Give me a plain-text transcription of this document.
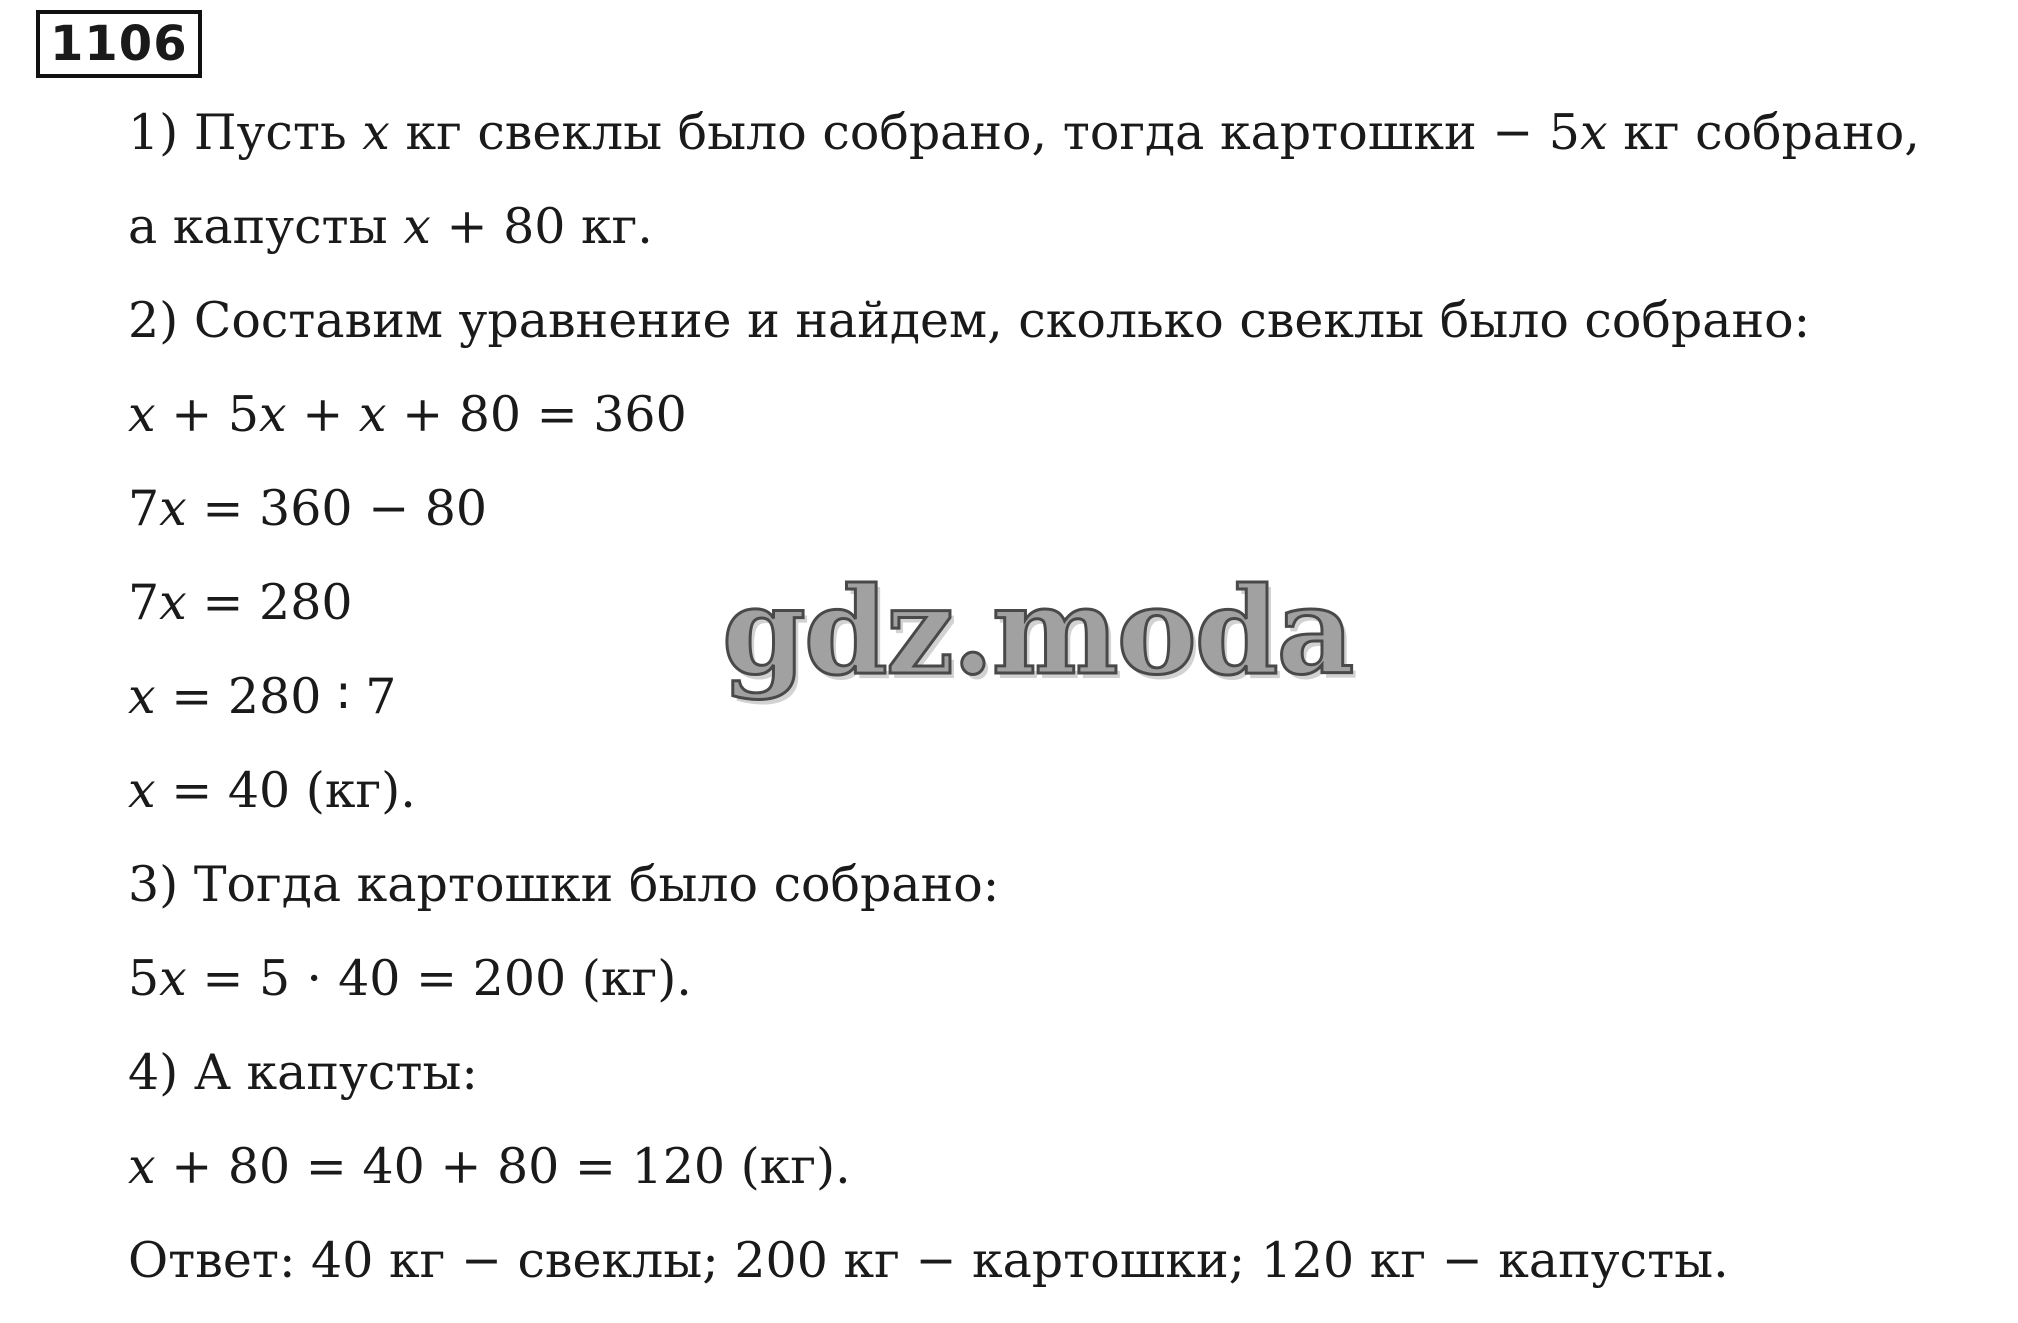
1106
1) Пусть 𝑥 кг свеклы было собрано, тогда картошки − 5𝑥 кг собрано,
а капусты 𝑥 + 80 кг.
2) Составим уравнение и найдем, сколько свеклы было собрано:
𝑥 + 5𝑥 + 𝑥 + 80 = 360
7𝑥 = 360 − 80
7𝑥 = 280
𝑥 = 280 ∶ 7
𝑥 = 40 (кг).
3) Тогда картошки было собрано:
5𝑥 = 5 ⋅ 40 = 200 (кг).
4) А капусты:
𝑥 + 80 = 40 + 80 = 120 (кг).
Ответ: 40 кг − свеклы; 200 кг − картошки; 120 кг − капусты.
gdz.moda
